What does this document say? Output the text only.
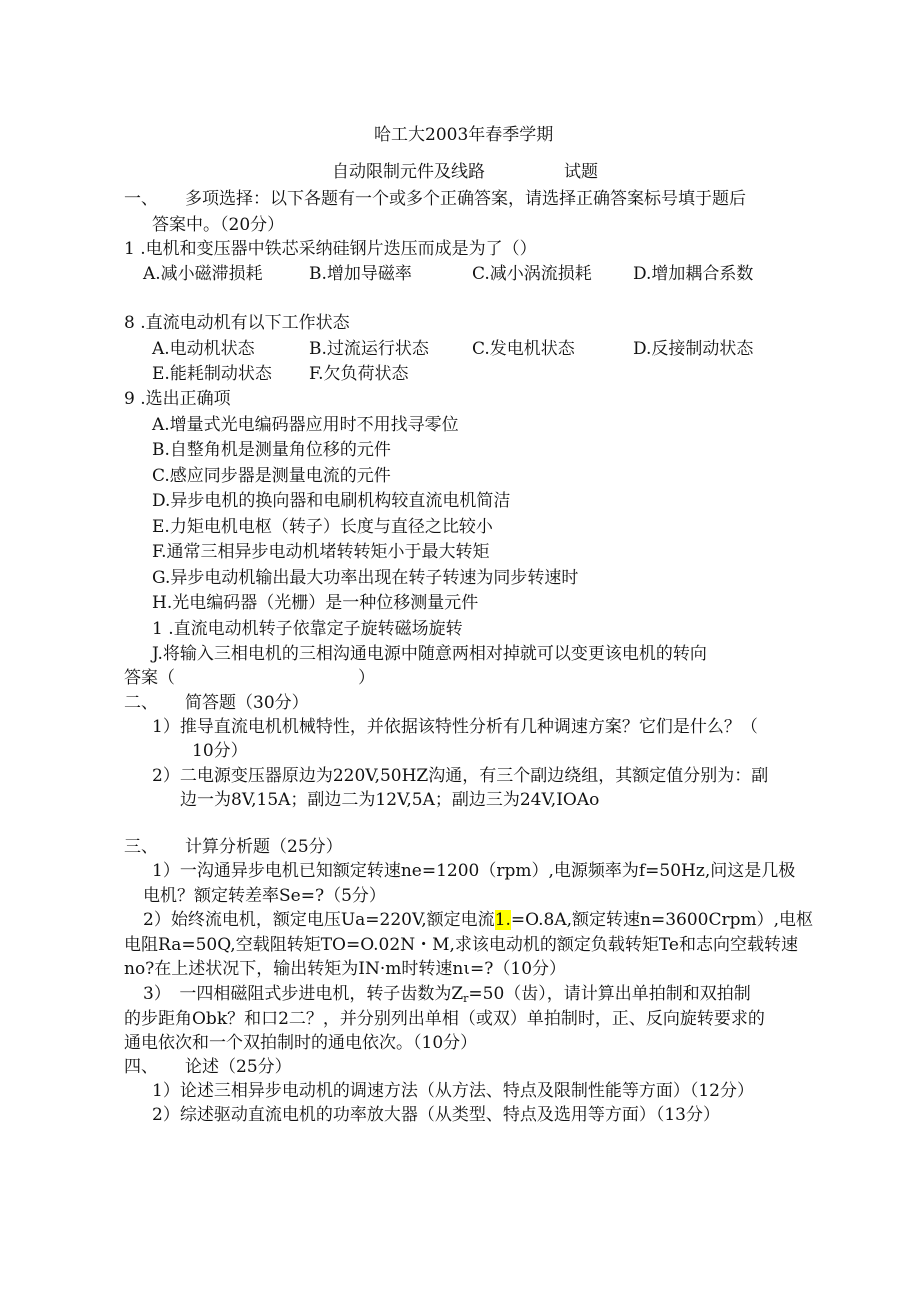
哈工大2003年春季学期
自动限制元件及线路	试题
一、 多项选择：以下各题有一个或多个正确答案，请选择正确答案标号填于题后
答案中。（20分）
1 .电机和变压器中铁芯采纳硅钢片迭压而成是为了（）
A.减小磁滞损耗	B.增加导磁率	C.减小涡流损耗 D.增加耦合系数
8 .直流电动机有以下工作状态
A.电动机状态	B.过流运行状态	C.发电机状态	D.反接制动状态
E.能耗制动状态 F.欠负荷状态
9 .选出正确项
A.增量式光电编码器应用时不用找寻零位
B.自整角机是测量角位移的元件
C.感应同步器是测量电流的元件
D.异步电机的换向器和电刷机构较直流电机简洁
E.力矩电机电枢（转子）长度与直径之比较小
F.通常三相异步电动机堵转转矩小于最大转矩
G.异步电动机输出最大功率出现在转子转速为同步转速时
H.光电编码器（光栅）是一种位移测量元件
1 .直流电动机转子依靠定子旋转磁场旋转
J.将输入三相电机的三相沟通电源中随意两相对掉就可以变更该电机的转向
答案（	）
二、 简答题（30分）
1）推导直流电机机械特性，并依据该特性分析有几种调速方案？它们是什么？（
10分）
2）二电源变压器原边为220V,50HZ沟通，有三个副边绕组，其额定值分别为：副
边一为8V,15A；副边二为12V,5A；副边三为24V,IOAo
三、 计算分析题（25分）
1）一沟通异步电机已知额定转速ne=1200（rpm）,电源频率为f=50Hz,问这是几极
电机？额定转差率Se=?（5分）
2）始终流电机，额定电压Ua=220V,额定电流1.=O.8A,额定转速n=3600Crpm）,电枢
电阻Ra=50Q,空载阻转矩TO=O.02N・M,求该电动机的额定负载转矩Te和志向空载转速
no?在上述状况下，输出转矩为IN·m时转速nι=?（10分）
3）　一四相磁阻式步进电机，转子齿数为$Z_r=50$（齿），请计算出单拍制和双拍制
的步距角Obk？和口2二？，并分别列出单相（或双）单拍制时，正、反向旋转要求的
通电依次和一个双拍制时的通电依次。（10分）
四、 论述（25分）
1）论述三相异步电动机的调速方法（从方法、特点及限制性能等方面）（12分）
2）综述驱动直流电机的功率放大器（从类型、特点及选用等方面）（13分）
